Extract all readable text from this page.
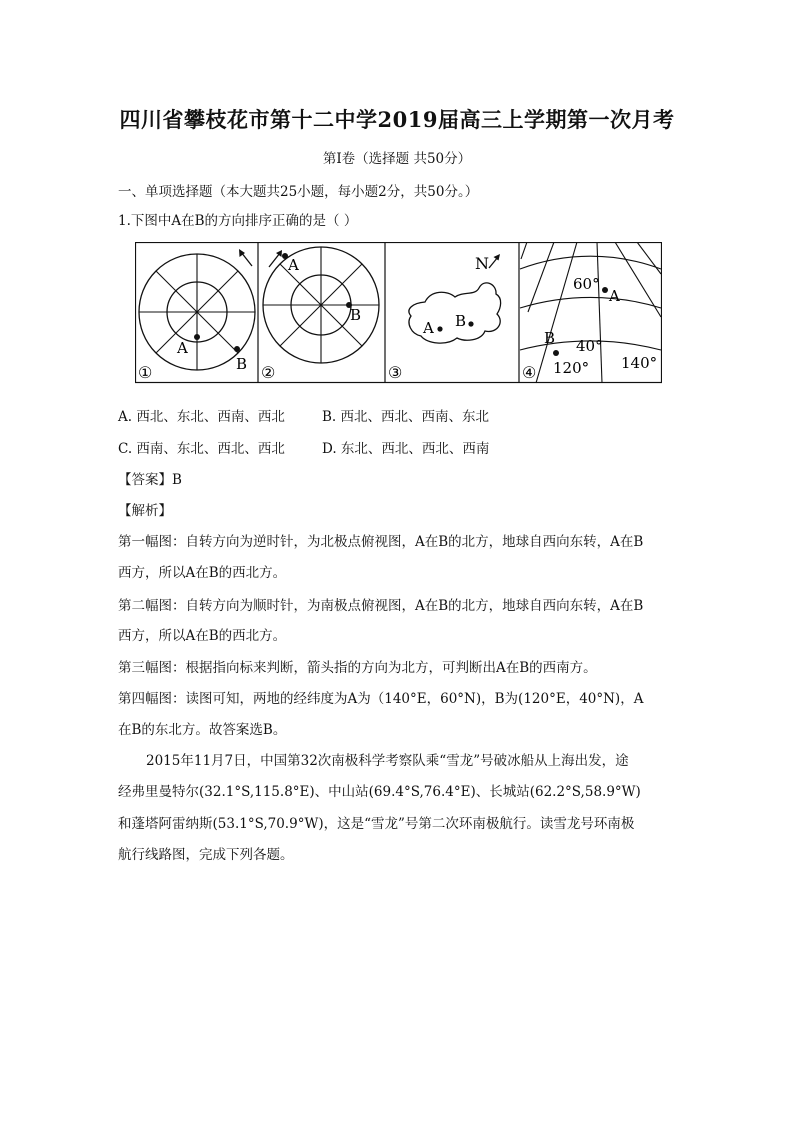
四川省攀枝花市第十二中学2019届高三上学期第一次月考
第I卷（选择题 共50分）
一、单项选择题（本大题共25小题，每小题2分，共50分。）
1.下图中A在B的方向排序正确的是（ ）
A
B
①
A
B
②
N
A B
③
60°
A
B 40°
140°
120°
④
A. 西北、东北、西南、西北	B. 西北、西北、西南、东北
C. 西南、东北、西北、西北	D. 东北、西北、西北、西南
【答案】B
【解析】
第一幅图：自转方向为逆时针，为北极点俯视图，A在B的北方，地球自西向东转，A在B
西方，所以A在B的西北方。
第二幅图：自转方向为顺时针，为南极点俯视图，A在B的北方，地球自西向东转，A在B
西方，所以A在B的西北方。
第三幅图：根据指向标来判断，箭头指的方向为北方，可判断出A在B的西南方。
第四幅图：读图可知，两地的经纬度为A为（140°E，60°N)，B为(120°E，40°N)，A
在B的东北方。故答案选B。
2015年11月7日，中国第32次南极科学考察队乘“雪龙”号破冰船从上海出发，途
经弗里曼特尔(32.1°S,115.8°E)、中山站(69.4°S,76.4°E)、长城站(62.2°S,58.9°W)
和蓬塔阿雷纳斯(53.1°S,70.9°W)，这是“雪龙”号第二次环南极航行。读雪龙号环南极
航行线路图，完成下列各题。
